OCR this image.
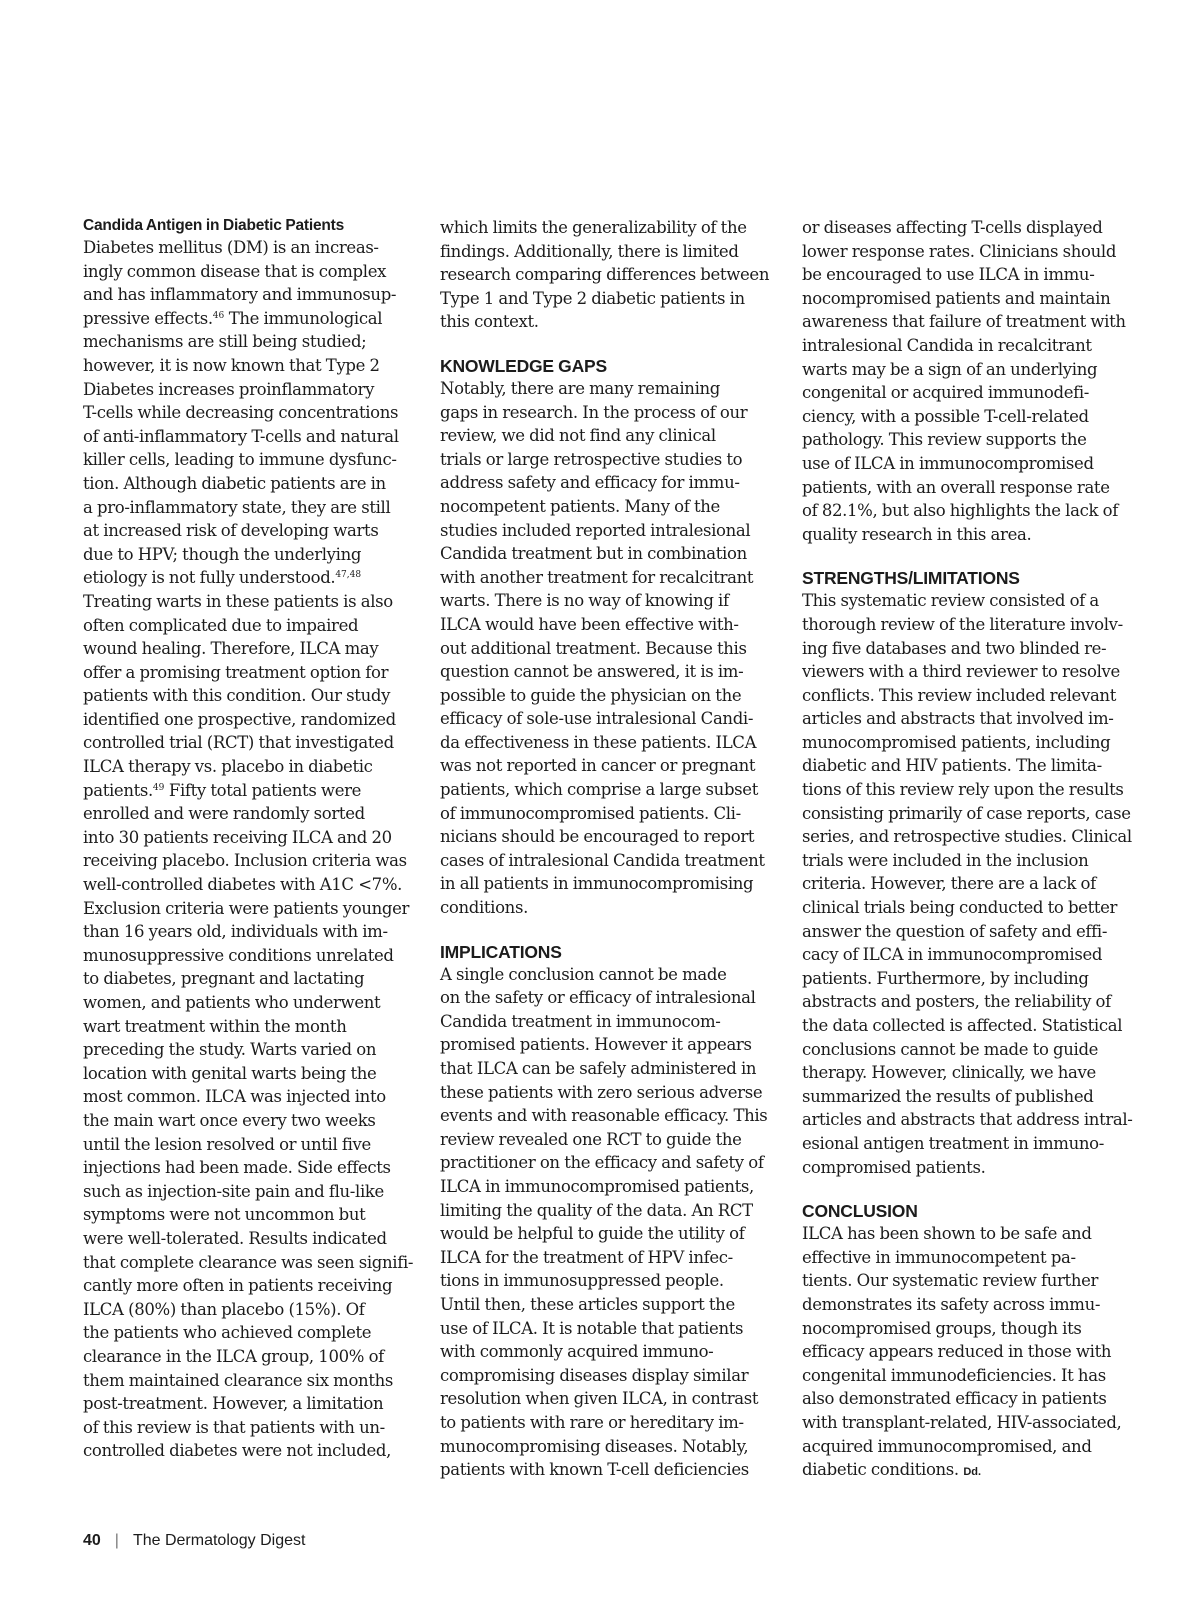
Candida Antigen in Diabetic Patients

Diabetes mellitus (DM) is an increas-
ingly common disease that is complex
and has inflammatory and immunosup-
pressive effects.$^{46}$ The immunological
mechanisms are still being studied;
however, it is now known that Type 2
Diabetes increases proinflammatory
T-cells while decreasing concentrations
of anti-inflammatory T-cells and natural
killer cells, leading to immune dysfunc-
tion. Although diabetic patients are in
a pro-inflammatory state, they are still
at increased risk of developing warts
due to HPV; though the underlying
etiology is not fully understood.$^{47,48}$
Treating warts in these patients is also
often complicated due to impaired
wound healing. Therefore, ILCA may
offer a promising treatment option for
patients with this condition. Our study
identified one prospective, randomized
controlled trial (RCT) that investigated
ILCA therapy vs. placebo in diabetic
patients.$^{49}$ Fifty total patients were
enrolled and were randomly sorted
into 30 patients receiving ILCA and 20
receiving placebo. Inclusion criteria was
well-controlled diabetes with A1C <7%.
Exclusion criteria were patients younger
than 16 years old, individuals with im-
munosuppressive conditions unrelated
to diabetes, pregnant and lactating
women, and patients who underwent
wart treatment within the month
preceding the study. Warts varied on
location with genital warts being the
most common. ILCA was injected into
the main wart once every two weeks
until the lesion resolved or until five
injections had been made. Side effects
such as injection-site pain and flu-like
symptoms were not uncommon but
were well-tolerated. Results indicated
that complete clearance was seen signifi-
cantly more often in patients receiving
ILCA (80%) than placebo (15%). Of
the patients who achieved complete
clearance in the ILCA group, 100% of
them maintained clearance six months
post-treatment. However, a limitation
of this review is that patients with un-
controlled diabetes were not included,

which limits the generalizability of the
findings. Additionally, there is limited
research comparing differences between
Type 1 and Type 2 diabetic patients in
this context.

KNOWLEDGE GAPS

Notably, there are many remaining
gaps in research. In the process of our
review, we did not find any clinical
trials or large retrospective studies to
address safety and efficacy for immu-
nocompetent patients. Many of the
studies included reported intralesional
Candida treatment but in combination
with another treatment for recalcitrant
warts. There is no way of knowing if
ILCA would have been effective with-
out additional treatment. Because this
question cannot be answered, it is im-
possible to guide the physician on the
efficacy of sole-use intralesional Candi-
da effectiveness in these patients. ILCA
was not reported in cancer or pregnant
patients, which comprise a large subset
of immunocompromised patients. Cli-
nicians should be encouraged to report
cases of intralesional Candida treatment
in all patients in immunocompromising
conditions.

IMPLICATIONS

A single conclusion cannot be made
on the safety or efficacy of intralesional
Candida treatment in immunocom-
promised patients. However it appears
that ILCA can be safely administered in
these patients with zero serious adverse
events and with reasonable efficacy. This
review revealed one RCT to guide the
practitioner on the efficacy and safety of
ILCA in immunocompromised patients,
limiting the quality of the data. An RCT
would be helpful to guide the utility of
ILCA for the treatment of HPV infec-
tions in immunosuppressed people.
Until then, these articles support the
use of ILCA. It is notable that patients
with commonly acquired immuno-
compromising diseases display similar
resolution when given ILCA, in contrast
to patients with rare or hereditary im-
munocompromising diseases. Notably,
patients with known T-cell deficiencies

or diseases affecting T-cells displayed
lower response rates. Clinicians should
be encouraged to use ILCA in immu-
nocompromised patients and maintain
awareness that failure of treatment with
intralesional Candida in recalcitrant
warts may be a sign of an underlying
congenital or acquired immunodefi-
ciency, with a possible T-cell-related
pathology. This review supports the
use of ILCA in immunocompromised
patients, with an overall response rate
of 82.1%, but also highlights the lack of
quality research in this area.

STRENGTHS/LIMITATIONS

This systematic review consisted of a
thorough review of the literature involv-
ing five databases and two blinded re-
viewers with a third reviewer to resolve
conflicts. This review included relevant
articles and abstracts that involved im-
munocompromised patients, including
diabetic and HIV patients. The limita-
tions of this review rely upon the results
consisting primarily of case reports, case
series, and retrospective studies. Clinical
trials were included in the inclusion
criteria. However, there are a lack of
clinical trials being conducted to better
answer the question of safety and effi-
cacy of ILCA in immunocompromised
patients. Furthermore, by including
abstracts and posters, the reliability of
the data collected is affected. Statistical
conclusions cannot be made to guide
therapy. However, clinically, we have
summarized the results of published
articles and abstracts that address intral-
esional antigen treatment in immuno-
compromised patients.

CONCLUSION

ILCA has been shown to be safe and
effective in immunocompetent pa-
tients. Our systematic review further
demonstrates its safety across immu-
nocompromised groups, though its
efficacy appears reduced in those with
congenital immunodeficiencies. It has
also demonstrated efficacy in patients
with transplant-related, HIV-associated,
acquired immunocompromised, and
diabetic conditions. Dd.

40 | The Dermatology Digest
